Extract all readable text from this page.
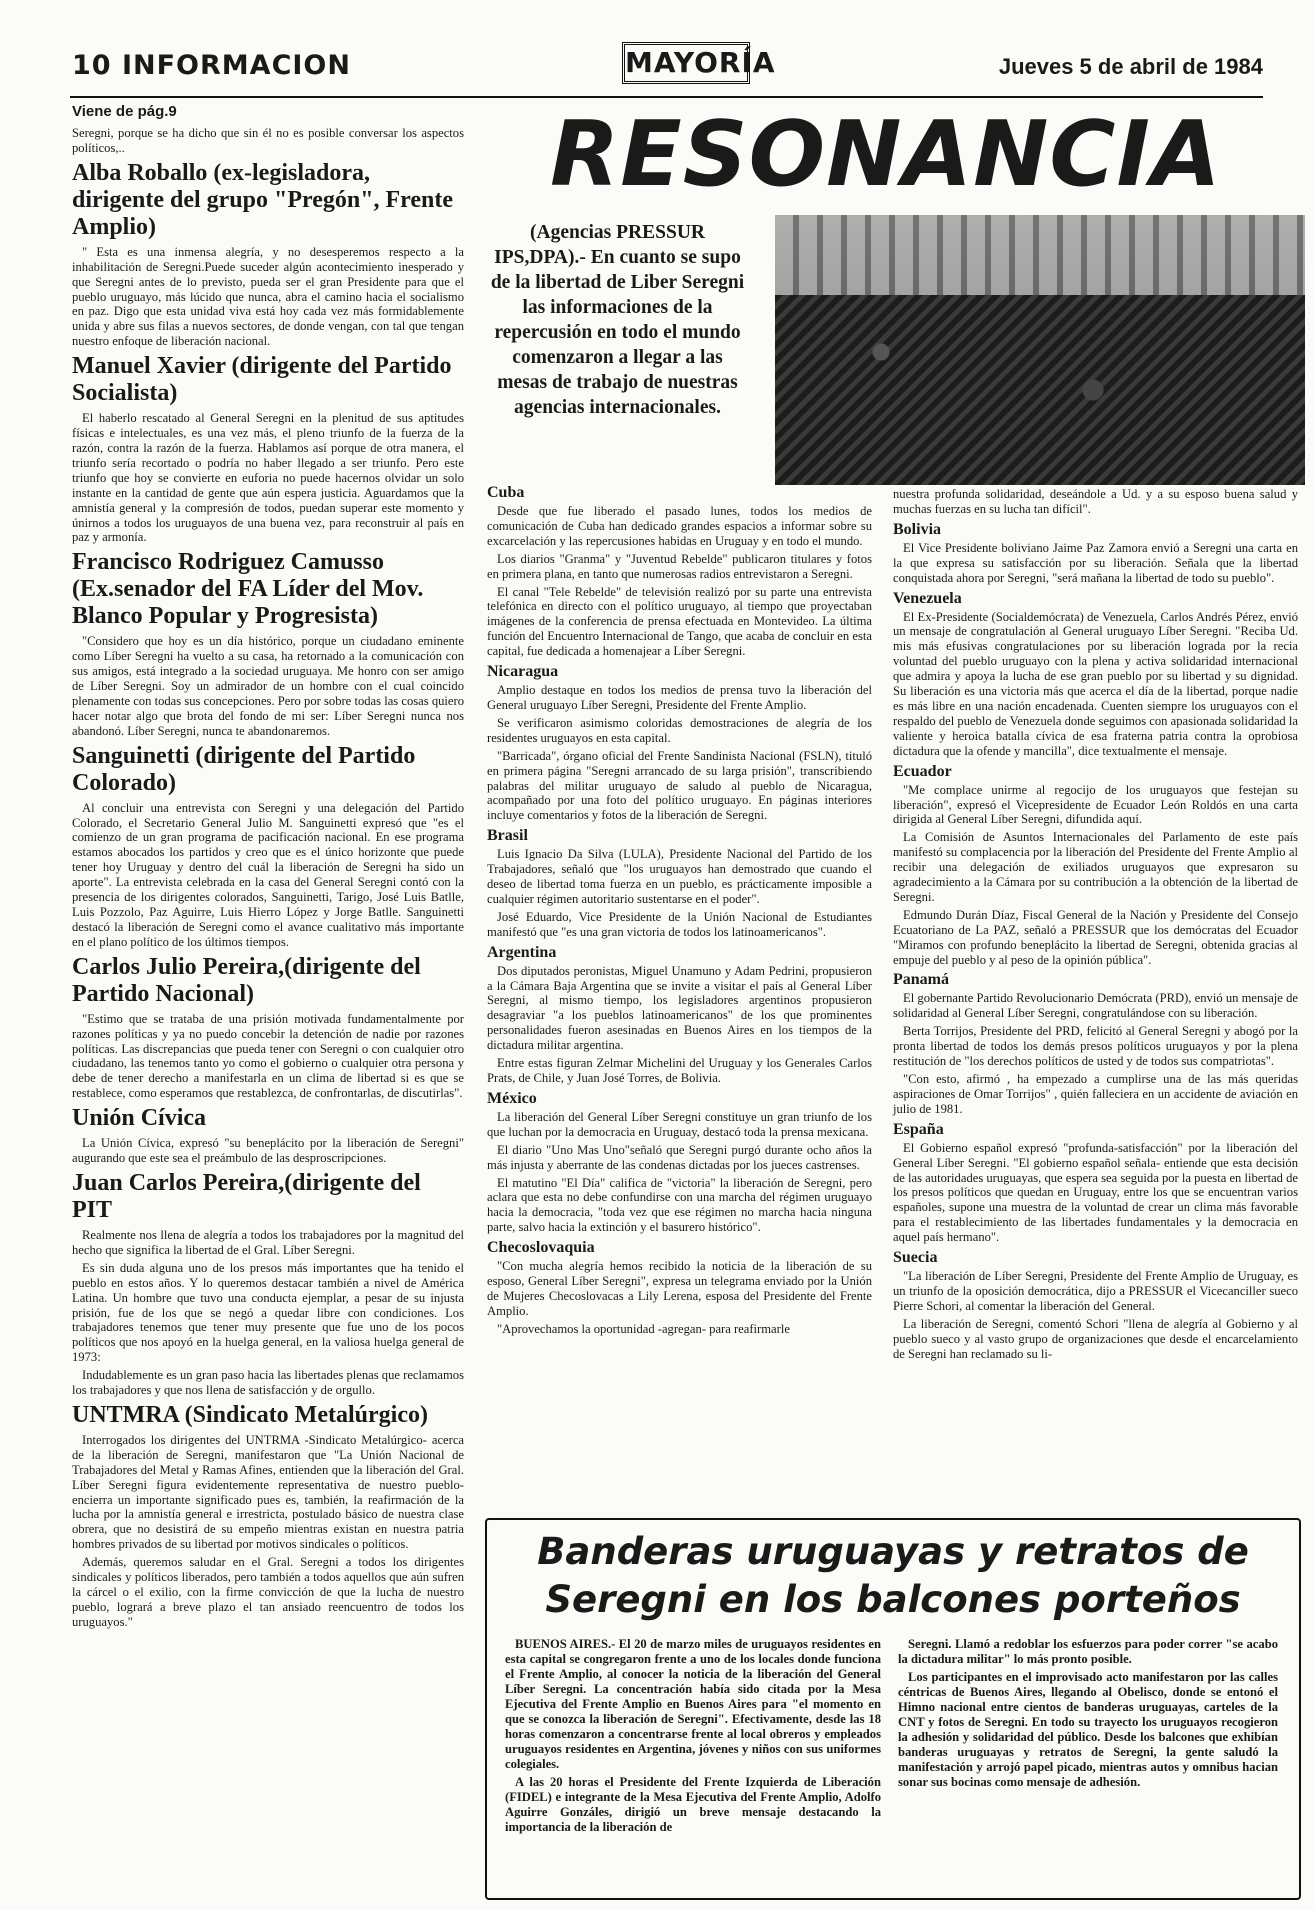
10 INFORMACION	MAYORÍA	Jueves 5 de abril de 1984
Viene de pág.9

Seregni, porque se ha dicho que sin él no es posible conversar los aspectos políticos,..

Alba Roballo (ex-legisladora, dirigente del grupo "Pregón", Frente Amplio)

" Esta es una inmensa alegría, y no desesperemos respecto a la inhabilitación de Seregni.Puede suceder algún acontecimiento inesperado y que Seregni antes de lo previsto, pueda ser el gran Presidente para que el pueblo uruguayo, más lúcido que nunca, abra el camino hacia el socialismo en paz. Digo que esta unidad viva está hoy cada vez más formidablemente unida y abre sus filas a nuevos sectores, de donde vengan, con tal que tengan nuestro enfoque de liberación nacional.

Manuel Xavier (dirigente del Partido Socialista)

El haberlo rescatado al General Seregni en la plenitud de sus aptitudes físicas e intelectuales, es una vez más, el pleno triunfo de la fuerza de la razón, contra la razón de la fuerza. Hablamos así porque de otra manera, el triunfo sería recortado o podría no haber llegado a ser triunfo. Pero este triunfo que hoy se convierte en euforia no puede hacernos olvidar un solo instante en la cantidad de gente que aún espera justicia. Aguardamos que la amnistía general y la compresión de todos, puedan superar este momento y únirnos a todos los uruguayos de una buena vez, para reconstruir al país en paz y armonía.

Francisco Rodriguez Camusso (Ex.senador del FA Líder del Mov. Blanco Popular y Progresista)

"Considero que hoy es un día histórico, porque un ciudadano eminente como Líber Seregni ha vuelto a su casa, ha retornado a la comunicación con sus amigos, está integrado a la sociedad uruguaya. Me honro con ser amigo de Líber Seregni. Soy un admirador de un hombre con el cual coincido plenamente con todas sus concepciones. Pero por sobre todas las cosas quiero hacer notar algo que brota del fondo de mi ser: Líber Seregni nunca nos abandonó. Líber Seregni, nunca te abandonaremos.

Sanguinetti (dirigente del Partido Colorado)

Al concluir una entrevista con Seregni y una delegación del Partido Colorado, el Secretario General Julio M. Sanguinetti expresó que "es el comienzo de un gran programa de pacificación nacional. En ese programa estamos abocados los partidos y creo que es el único horizonte que puede tener hoy Uruguay y dentro del cuál la liberación de Seregni ha sido un aporte". La entrevista celebrada en la casa del General Seregni contó con la presencia de los dirigentes colorados, Sanguinetti, Tarigo, José Luis Batlle, Luis Pozzolo, Paz Aguirre, Luis Hierro López y Jorge Batlle. Sanguinetti destacó la liberación de Seregni como el avance cualitativo más importante en el plano político de los últimos tiempos.

Carlos Julio Pereira,(dirigente del Partido Nacional)

"Estimo que se trataba de una prisión motivada fundamentalmente por razones políticas y ya no puedo concebir la detención de nadie por razones políticas. Las discrepancias que pueda tener con Seregni o con cualquier otro ciudadano, las tenemos tanto yo como el gobierno o cualquier otra persona y debe de tener derecho a manifestarla en un clima de libertad si es que se restablece, como esperamos que restablezca, de confrontarlas, de discutirlas".

Unión Cívica

La Unión Cívica, expresó "su beneplácito por la liberación de Seregni" augurando que este sea el preámbulo de las desproscripciones.

Juan Carlos Pereira,(dirigente del PIT

Realmente nos llena de alegría a todos los trabajadores por la magnitud del hecho que significa la libertad de el Gral. Líber Seregni.

Es sin duda alguna uno de los presos más importantes que ha tenido el pueblo en estos años. Y lo queremos destacar también a nivel de América Latina. Un hombre que tuvo una conducta ejemplar, a pesar de su injusta prisión, fue de los que se negó a quedar libre con condiciones. Los trabajadores tenemos que tener muy presente que fue uno de los pocos políticos que nos apoyó en la huelga general, en la valiosa huelga general de 1973:

Indudablemente es un gran paso hacia las libertades plenas que reclamamos los trabajadores y que nos llena de satisfacción y de orgullo.

UNTMRA (Sindicato Metalúrgico)

Interrogados los dirigentes del UNTRMA -Sindicato Metalúrgico- acerca de la liberación de Seregni, manifestaron que "La Unión Nacional de Trabajadores del Metal y Ramas Afines, entienden que la liberación del Gral. Líber Seregni figura evidentemente representativa de nuestro pueblo- encierra un importante significado pues es, también, la reafirmación de la lucha por la amnistía general e irrestricta, postulado básico de nuestra clase obrera, que no desistirá de su empeño mientras existan en nuestra patria hombres privados de su libertad por motivos sindicales o políticos.

Además, queremos saludar en el Gral. Seregni a todos los dirigentes sindicales y políticos liberados, pero también a todos aquellos que aún sufren la cárcel o el exilio, con la firme convicción de que la lucha de nuestro pueblo, logrará a breve plazo el tan ansiado reencuentro de todos los uruguayos."

RESONANCIA
(Agencias PRESSUR IPS,DPA).- En cuanto se supo de la libertad de Liber Seregni las informaciones de la repercusión en todo el mundo comenzaron a llegar a las mesas de trabajo de nuestras agencias internacionales.
Cuba

Desde que fue liberado el pasado lunes, todos los medios de comunicación de Cuba han dedicado grandes espacios a informar sobre su excarcelación y las repercusiones habidas en Uruguay y en todo el mundo.

Los diarios "Granma" y "Juventud Rebelde" publicaron titulares y fotos en primera plana, en tanto que numerosas radios entrevistaron a Seregni.

El canal "Tele Rebelde" de televisión realizó por su parte una entrevista telefónica en directo con el político uruguayo, al tiempo que proyectaban imágenes de la conferencia de prensa efectuada en Montevideo. La última función del Encuentro Internacional de Tango, que acaba de concluir en esta capital, fue dedicada a homenajear a Líber Seregni.

Nicaragua

Amplio destaque en todos los medios de prensa tuvo la liberación del General uruguayo Líber Seregni, Presidente del Frente Amplio.

Se verificaron asimismo coloridas demostraciones de alegría de los residentes uruguayos en esta capital.

"Barricada", órgano oficial del Frente Sandinista Nacional (FSLN), tituló en primera página "Seregni arrancado de su larga prisión", transcribiendo palabras del militar uruguayo de saludo al pueblo de Nicaragua, acompañado por una foto del político uruguayo. En páginas interiores incluye comentarios y fotos de la liberación de Seregni.

Brasil

Luis Ignacio Da Silva (LULA), Presidente Nacional del Partido de los Trabajadores, señaló que "los uruguayos han demostrado que cuando el deseo de libertad toma fuerza en un pueblo, es prácticamente imposible a cualquier régimen autoritario sustentarse en el poder".

José Eduardo, Vice Presidente de la Unión Nacional de Estudiantes manifestó que "es una gran victoria de todos los latinoamericanos".

Argentina

Dos diputados peronistas, Miguel Unamuno y Adam Pedrini, propusieron a la Cámara Baja Argentina que se invite a visitar el país al General Líber Seregni, al mismo tiempo, los legisladores argentinos propusieron desagraviar "a los pueblos latinoamericanos" de los que prominentes personalidades fueron asesinadas en Buenos Aires en los tiempos de la dictadura militar argentina.

Entre estas figuran Zelmar Michelini del Uruguay y los Generales Carlos Prats, de Chile, y Juan José Torres, de Bolivia.

México

La liberación del General Líber Seregni constituye un gran triunfo de los que luchan por la democracia en Uruguay, destacó toda la prensa mexicana.

El diario "Uno Mas Uno"señaló que Seregni purgó durante ocho años la más injusta y aberrante de las condenas dictadas por los jueces castrenses.

El matutino "El Día" califica de "victoria" la liberación de Seregni, pero aclara que esta no debe confundirse con una marcha del régimen uruguayo hacia la democracia, "toda vez que ese régimen no marcha hacia ninguna parte, salvo hacia la extinción y el basurero histórico".

Checoslovaquia

"Con mucha alegría hemos recibido la noticia de la liberación de su esposo, General Líber Seregni", expresa un telegrama enviado por la Unión de Mujeres Checoslovacas a Lily Lerena, esposa del Presidente del Frente Amplio.

"Aprovechamos la oportunidad -agregan- para reafirmarle

nuestra profunda solidaridad, deseándole a Ud. y a su esposo buena salud y muchas fuerzas en su lucha tan difícil".

Bolivia

El Vice Presidente boliviano Jaime Paz Zamora envió a Seregni una carta en la que expresa su satisfacción por su liberación. Señala que la libertad conquistada ahora por Seregni, "será mañana la libertad de todo su pueblo".

Venezuela

El Ex-Presidente (Socialdemócrata) de Venezuela, Carlos Andrés Pérez, envió un mensaje de congratulación al General uruguayo Líber Seregni. "Reciba Ud. mis más efusivas congratulaciones por su liberación lograda por la recia voluntad del pueblo uruguayo con la plena y activa solidaridad internacional que admira y apoya la lucha de ese gran pueblo por su libertad y su dignidad. Su liberación es una victoria más que acerca el día de la libertad, porque nadie es más libre en una nación encadenada. Cuenten siempre los uruguayos con el respaldo del pueblo de Venezuela donde seguimos con apasionada solidaridad la valiente y heroica batalla cívica de esa fraterna patria contra la oprobiosa dictadura que la ofende y mancilla", dice textualmente el mensaje.

Ecuador

"Me complace unirme al regocijo de los uruguayos que festejan su liberación", expresó el Vicepresidente de Ecuador León Roldós en una carta dirigida al General Líber Seregni, difundida aquí.

La Comisión de Asuntos Internacionales del Parlamento de este país manifestó su complacencia por la liberación del Presidente del Frente Amplio al recibir una delegación de exiliados uruguayos que expresaron su agradecimiento a la Cámara por su contribución a la obtención de la libertad de Seregni.

Edmundo Durán Díaz, Fiscal General de la Nación y Presidente del Consejo Ecuatoriano de La PAZ, señaló a PRESSUR que los demócratas del Ecuador "Miramos con profundo beneplácito la libertad de Seregni, obtenida gracias al empuje del pueblo y al peso de la opinión pública".

Panamá

El gobernante Partido Revolucionario Demócrata (PRD), envió un mensaje de solidaridad al General Líber Seregni, congratulándose con su liberación.

Berta Torrijos, Presidente del PRD, felicitó al General Seregni y abogó por la pronta libertad de todos los demás presos políticos uruguayos y por la plena restitución de "los derechos políticos de usted y de todos sus compatriotas".

"Con esto, afirmó , ha empezado a cumplirse una de las más queridas aspiraciones de Omar Torrijos" , quién falleciera en un accidente de aviación en julio de 1981.

España

El Gobierno español expresó "profunda-satisfacción" por la liberación del General Líber Seregni. "El gobierno español señala- entiende que esta decisión de las autoridades uruguayas, que espera sea seguida por la puesta en libertad de los presos políticos que quedan en Uruguay, entre los que se encuentran varios españoles, supone una muestra de la voluntad de crear un clima más favorable para el restablecimiento de las libertades fundamentales y la democracia en aquel país hermano".

Suecia

"La liberación de Líber Seregni, Presidente del Frente Amplio de Uruguay, es un triunfo de la oposición democrática, dijo a PRESSUR el Vicecanciller sueco Pierre Schori, al comentar la liberación del General.

La liberación de Seregni, comentó Schori "llena de alegría al Gobierno y al pueblo sueco y al vasto grupo de organizaciones que desde el encarcelamiento de Seregni han reclamado su li-

Banderas uruguayas y retratos de Seregni en los balcones porteños

BUENOS AIRES.- El 20 de marzo miles de uruguayos residentes en esta capital se congregaron frente a uno de los locales donde funciona el Frente Amplio, al conocer la noticia de la liberación del General Líber Seregni. La concentración había sido citada por la Mesa Ejecutiva del Frente Amplio en Buenos Aires para "el momento en que se conozca la liberación de Seregni". Efectivamente, desde las 18 horas comenzaron a concentrarse frente al local obreros y empleados uruguayos residentes en Argentina, jóvenes y niños con sus uniformes colegiales.

A las 20 horas el Presidente del Frente Izquierda de Liberación (FIDEL) e integrante de la Mesa Ejecutiva del Frente Amplio, Adolfo Aguirre Gonzáles, dirigió un breve mensaje destacando la importancia de la liberación de

Seregni. Llamó a redoblar los esfuerzos para poder correr "se acabo la dictadura militar" lo más pronto posible.

Los participantes en el improvisado acto manifestaron por las calles céntricas de Buenos Aires, llegando al Obelisco, donde se entonó el Himno nacional entre cientos de banderas uruguayas, carteles de la CNT y fotos de Seregni. En todo su trayecto los uruguayos recogieron la adhesión y solidaridad del público. Desde los balcones que exhibían banderas uruguayas y retratos de Seregni, la gente saludó la manifestación y arrojó papel picado, mientras autos y omnibus hacian sonar sus bocinas como mensaje de adhesión.
